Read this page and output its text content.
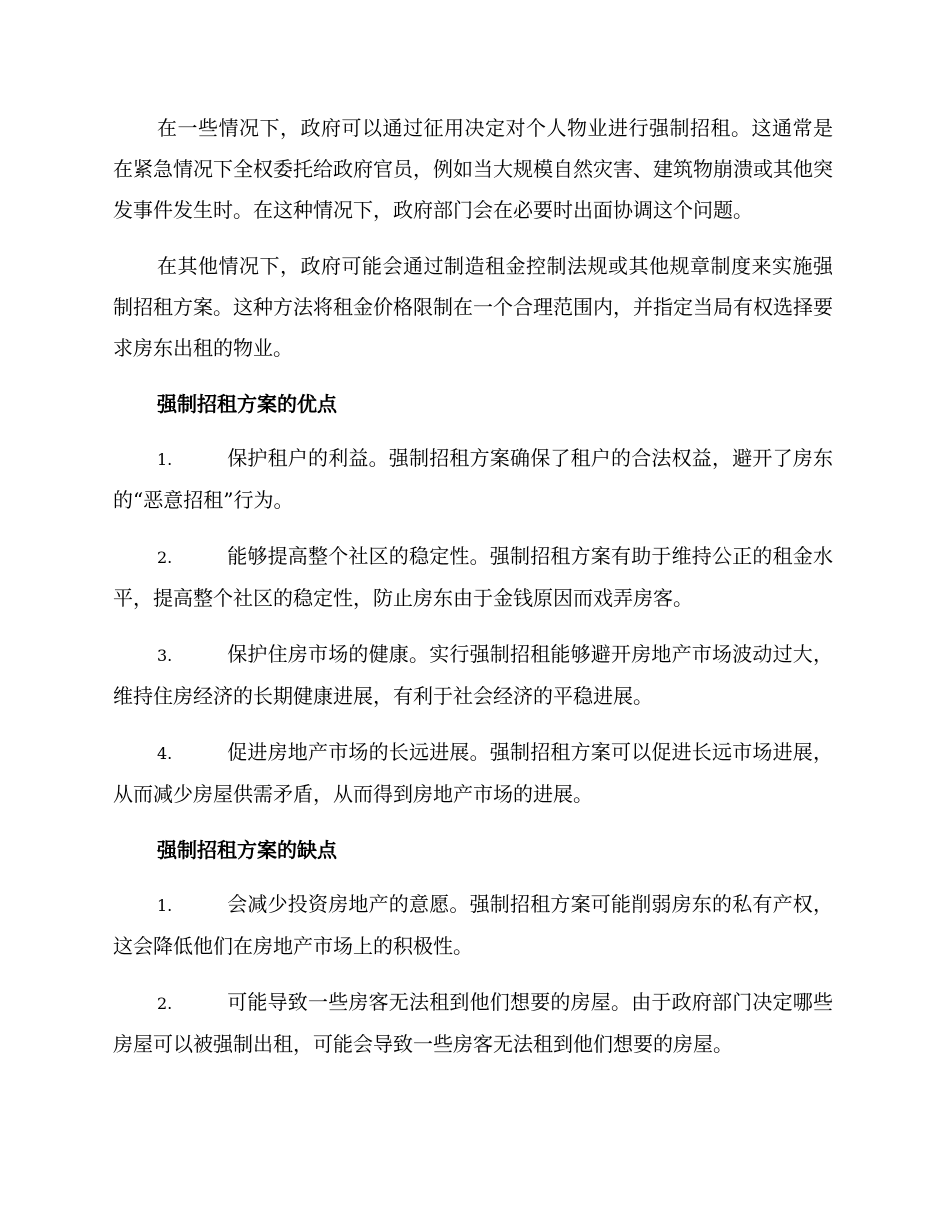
在一些情况下，政府可以通过征用决定对个人物业进行强制招租。这通常是在紧急情况下全权委托给政府官员，例如当大规模自然灾害、建筑物崩溃或其他突发事件发生时。在这种情况下，政府部门会在必要时出面协调这个问题。

在其他情况下，政府可能会通过制造租金控制法规或其他规章制度来实施强制招租方案。这种方法将租金价格限制在一个合理范围内，并指定当局有权选择要求房东出租的物业。

强制招租方案的优点

1.	保护租户的利益。强制招租方案确保了租户的合法权益，避开了房东的“恶意招租”行为。

2.	能够提高整个社区的稳定性。强制招租方案有助于维持公正的租金水平，提高整个社区的稳定性，防止房东由于金钱原因而戏弄房客。

3.	保护住房市场的健康。实行强制招租能够避开房地产市场波动过大，维持住房经济的长期健康进展，有利于社会经济的平稳进展。

4.	促进房地产市场的长远进展。强制招租方案可以促进长远市场进展，从而减少房屋供需矛盾，从而得到房地产市场的进展。

强制招租方案的缺点

1.	会减少投资房地产的意愿。强制招租方案可能削弱房东的私有产权，这会降低他们在房地产市场上的积极性。

2.	可能导致一些房客无法租到他们想要的房屋。由于政府部门决定哪些房屋可以被强制出租，可能会导致一些房客无法租到他们想要的房屋。
